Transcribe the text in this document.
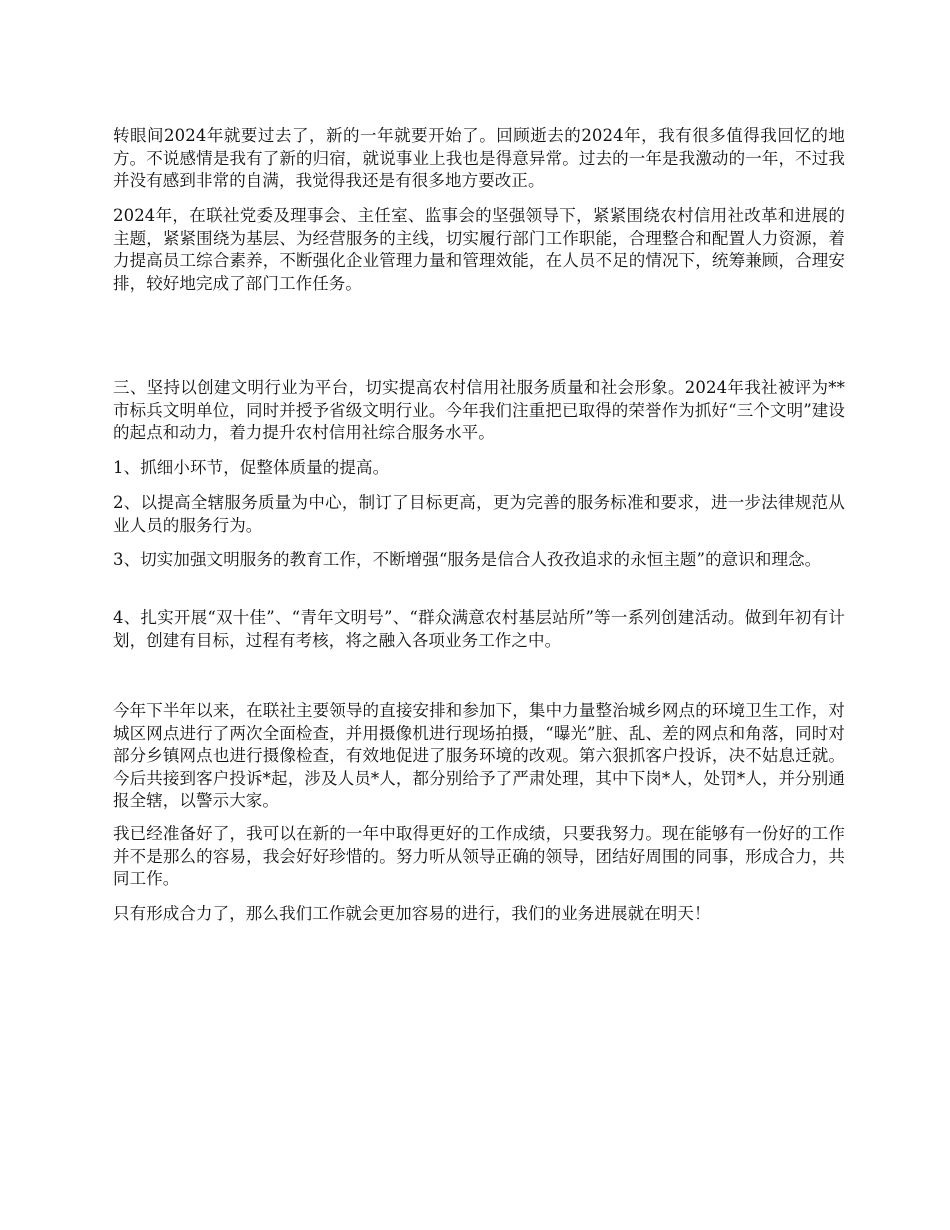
转眼间2024年就要过去了，新的一年就要开始了。回顾逝去的2024年，我有很多值得我回忆的地方。不说感情是我有了新的归宿，就说事业上我也是得意异常。过去的一年是我激动的一年，不过我并没有感到非常的自满，我觉得我还是有很多地方要改正。

2024年，在联社党委及理事会、主任室、监事会的坚强领导下，紧紧围绕农村信用社改革和进展的主题，紧紧围绕为基层、为经营服务的主线，切实履行部门工作职能，合理整合和配置人力资源，着力提高员工综合素养，不断强化企业管理力量和管理效能，在人员不足的情况下，统筹兼顾，合理安排，较好地完成了部门工作任务。

三、坚持以创建文明行业为平台，切实提高农村信用社服务质量和社会形象。2024年我社被评为**市标兵文明单位，同时并授予省级文明行业。今年我们注重把已取得的荣誉作为抓好“三个文明”建设的起点和动力，着力提升农村信用社综合服务水平。

1、抓细小环节，促整体质量的提高。

2、以提高全辖服务质量为中心，制订了目标更高，更为完善的服务标准和要求，进一步法律规范从业人员的服务行为。

3、切实加强文明服务的教育工作，不断增强“服务是信合人孜孜追求的永恒主题”的意识和理念。

4、扎实开展“双十佳”、“青年文明号”、“群众满意农村基层站所”等一系列创建活动。做到年初有计划，创建有目标，过程有考核，将之融入各项业务工作之中。

今年下半年以来，在联社主要领导的直接安排和参加下，集中力量整治城乡网点的环境卫生工作，对城区网点进行了两次全面检查，并用摄像机进行现场拍摄，“曝光”脏、乱、差的网点和角落，同时对部分乡镇网点也进行摄像检查，有效地促进了服务环境的改观。第六狠抓客户投诉，决不姑息迁就。今后共接到客户投诉*起，涉及人员*人，都分别给予了严肃处理，其中下岗*人，处罚*人，并分别通报全辖，以警示大家。

我已经准备好了，我可以在新的一年中取得更好的工作成绩，只要我努力。现在能够有一份好的工作并不是那么的容易，我会好好珍惜的。努力听从领导正确的领导，团结好周围的同事，形成合力，共同工作。

只有形成合力了，那么我们工作就会更加容易的进行，我们的业务进展就在明天！
